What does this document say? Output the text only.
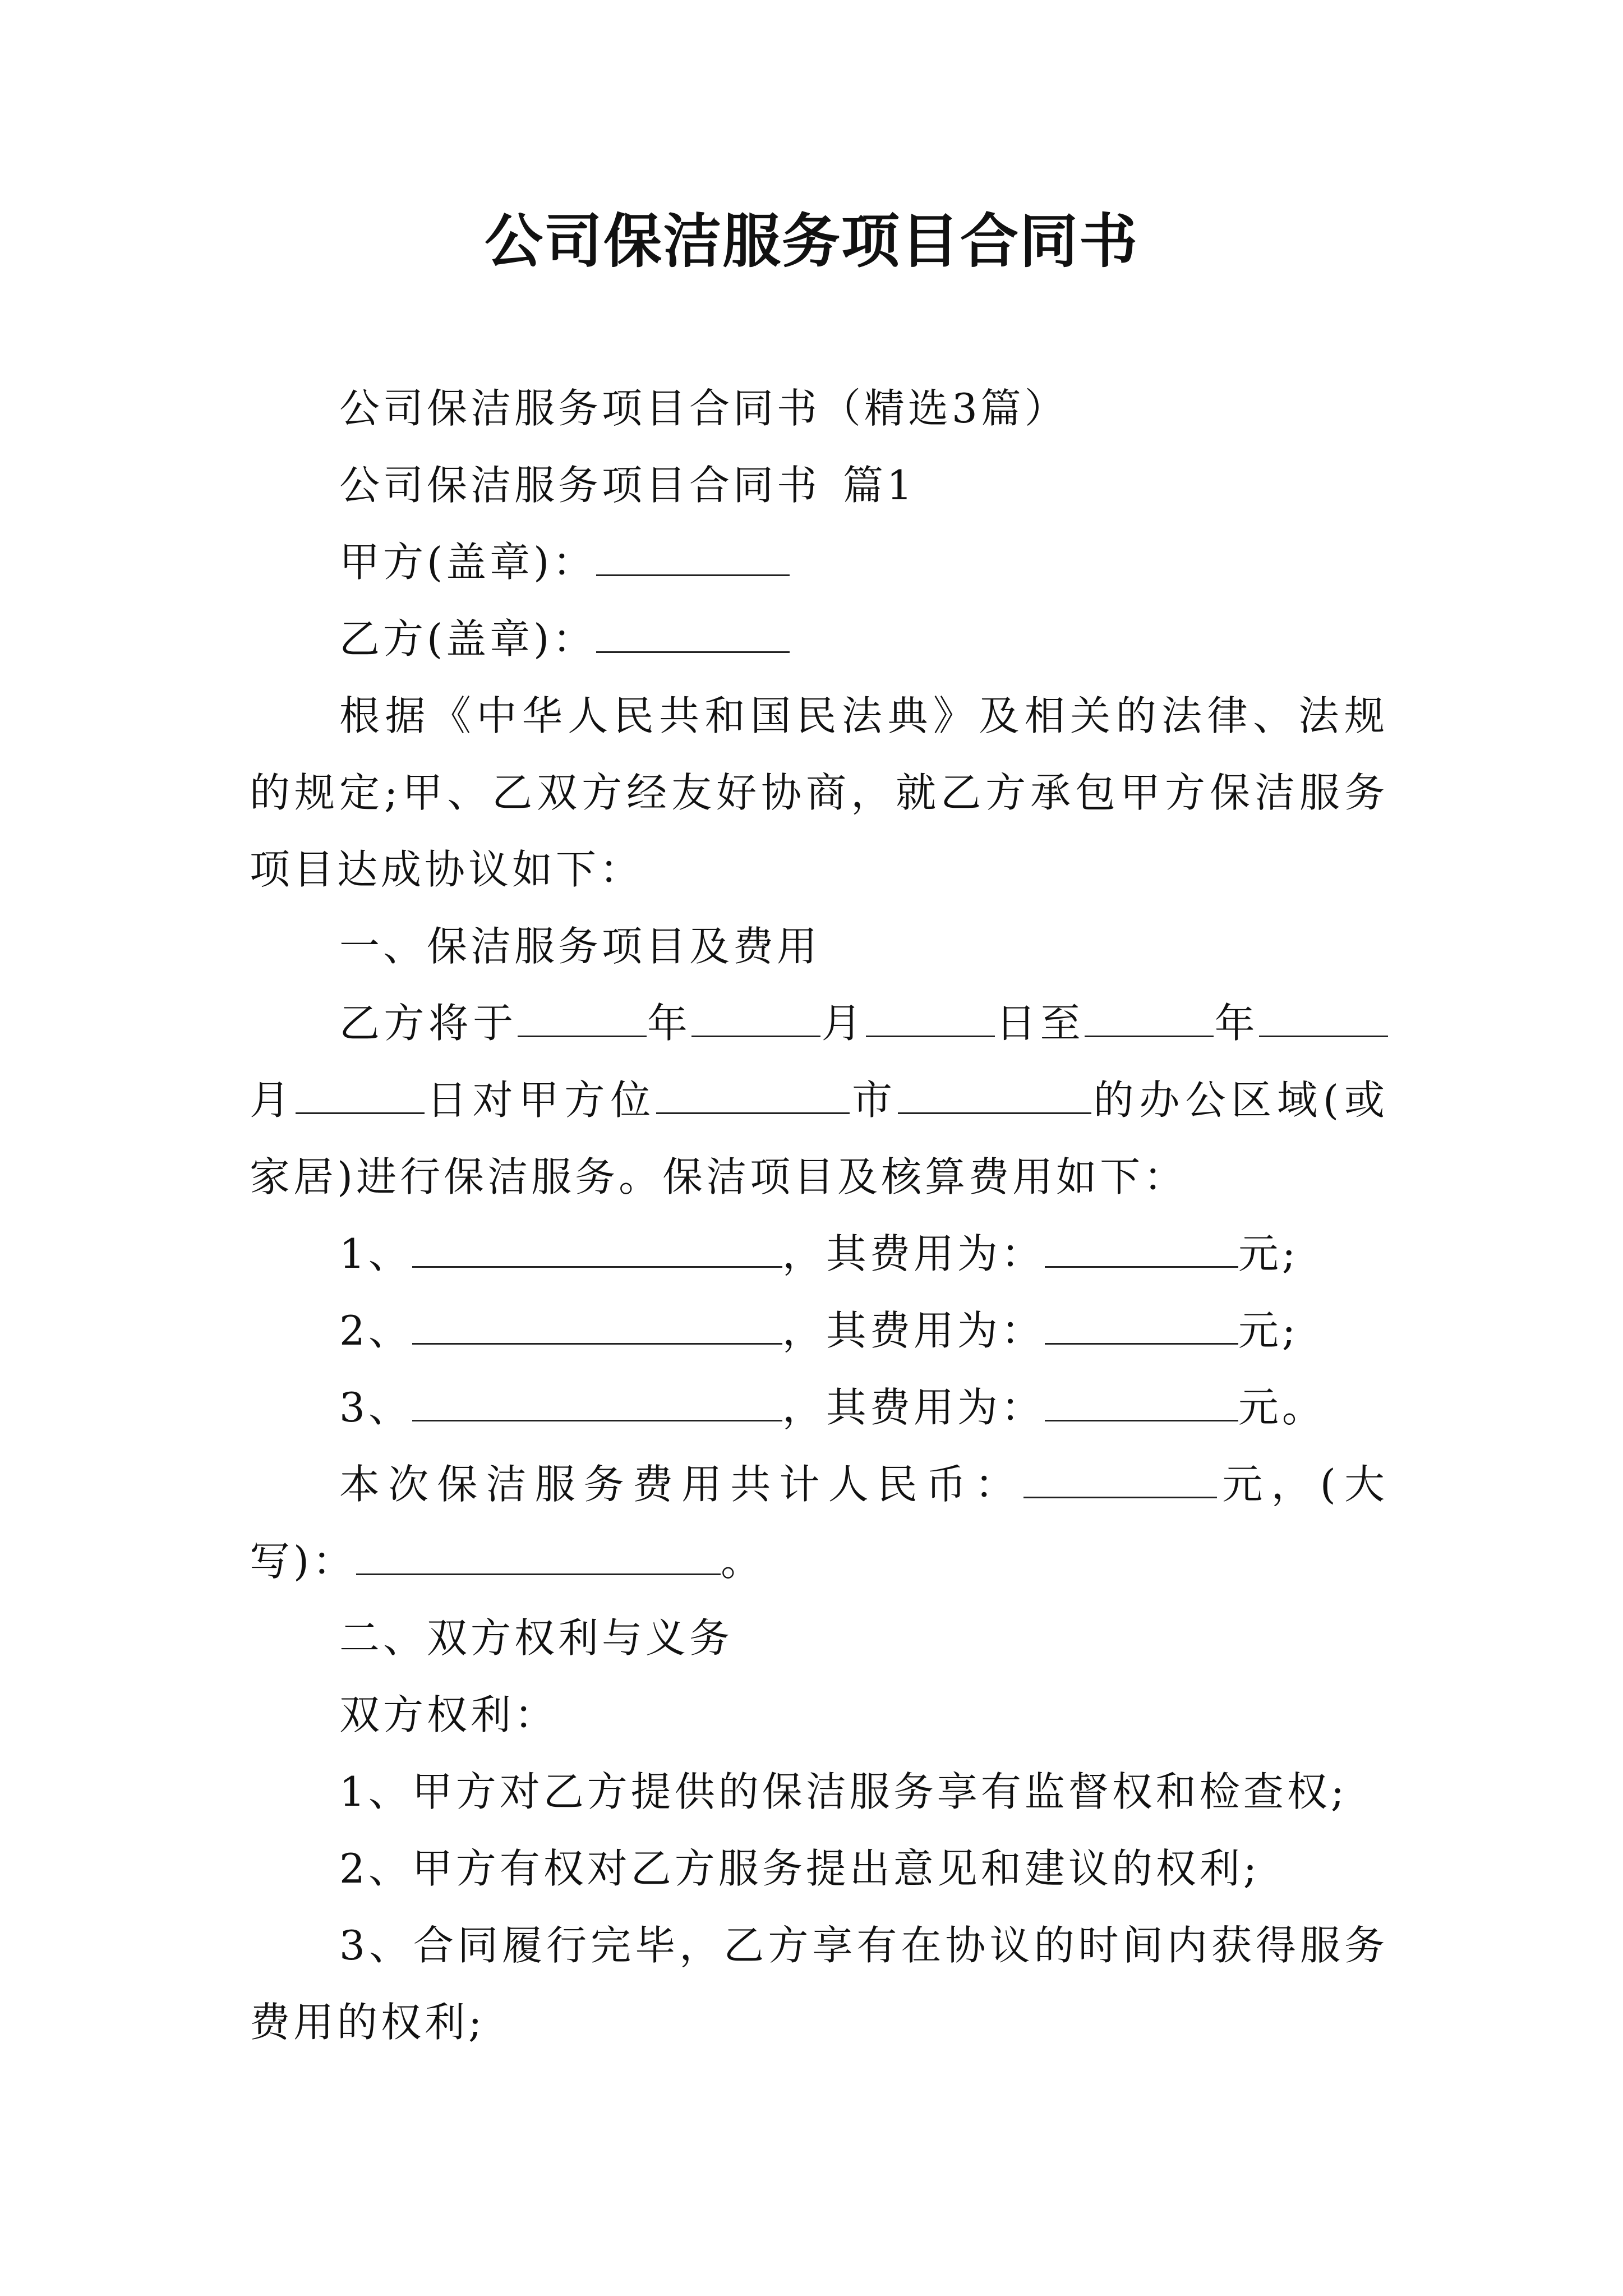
公司保洁服务项目合同书

公司保洁服务项目合同书（精选3篇）

公司保洁服务项目合同书 篇1

甲方(盖章)：

乙方(盖章)：

根据《中华人民共和国民法典》及相关的法律、法规的规定;甲、乙双方经友好协商，就乙方承包甲方保洁服务项目达成协议如下：

一、保洁服务项目及费用

乙方将于	年	月	日至	年月	日对甲方位	市	的办公区域(或家居)进行保洁服务。保洁项目及核算费用如下：

1、	，其费用为：	元;

2、	，其费用为：	元;

3、	，其费用为：	元。

本次保洁服务费用共计人民币：	元，(大写)：	。

二、双方权利与义务

双方权利：

1、甲方对乙方提供的保洁服务享有监督权和检查权;

2、甲方有权对乙方服务提出意见和建议的权利;

3、合同履行完毕，乙方享有在协议的时间内获得服务费用的权利;
